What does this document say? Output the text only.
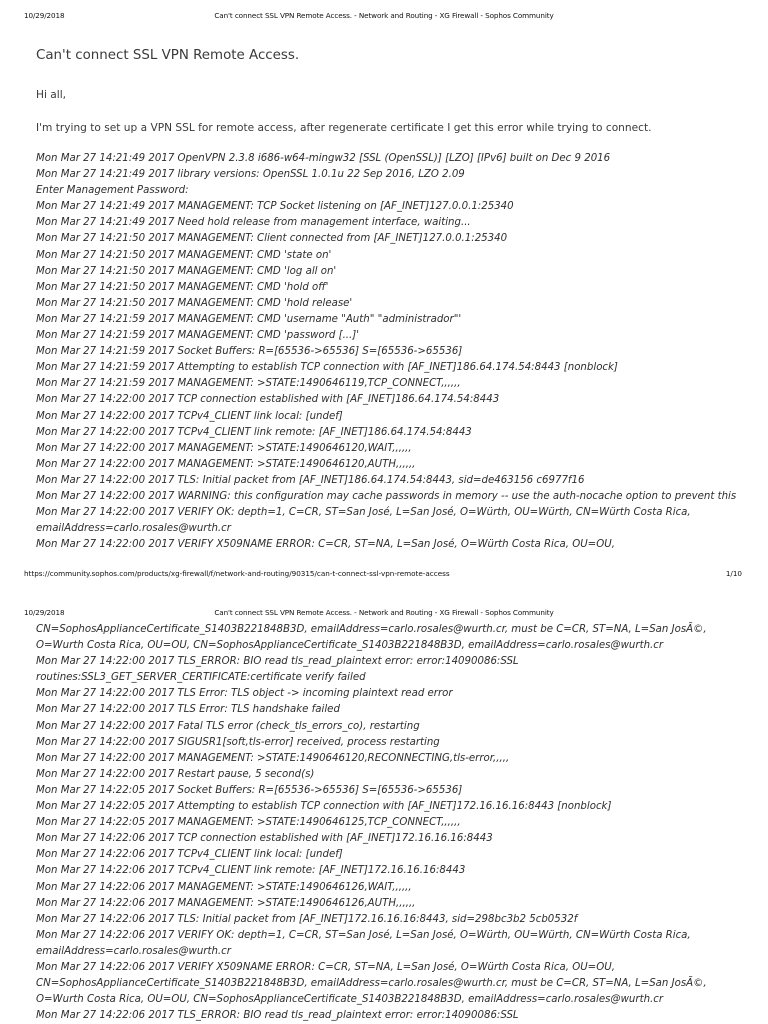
10/29/2018	Can't connect SSL VPN Remote Access. - Network and Routing - XG Firewall - Sophos Community
Can't connect SSL VPN Remote Access.

Hi all,

I'm trying to set up a VPN SSL for remote access, after regenerate certificate I get this error while trying to connect.

Mon Mar 27 14:21:49 2017 OpenVPN 2.3.8 i686-w64-mingw32 [SSL (OpenSSL)] [LZO] [IPv6] built on Dec 9 2016
Mon Mar 27 14:21:49 2017 library versions: OpenSSL 1.0.1u 22 Sep 2016, LZO 2.09
Enter Management Password:
Mon Mar 27 14:21:49 2017 MANAGEMENT: TCP Socket listening on [AF_INET]127.0.0.1:25340
Mon Mar 27 14:21:49 2017 Need hold release from management interface, waiting...
Mon Mar 27 14:21:50 2017 MANAGEMENT: Client connected from [AF_INET]127.0.0.1:25340
Mon Mar 27 14:21:50 2017 MANAGEMENT: CMD 'state on'
Mon Mar 27 14:21:50 2017 MANAGEMENT: CMD 'log all on'
Mon Mar 27 14:21:50 2017 MANAGEMENT: CMD 'hold off'
Mon Mar 27 14:21:50 2017 MANAGEMENT: CMD 'hold release'
Mon Mar 27 14:21:59 2017 MANAGEMENT: CMD 'username "Auth" "administrador"'
Mon Mar 27 14:21:59 2017 MANAGEMENT: CMD 'password [...]'
Mon Mar 27 14:21:59 2017 Socket Buffers: R=[65536->65536] S=[65536->65536]
Mon Mar 27 14:21:59 2017 Attempting to establish TCP connection with [AF_INET]186.64.174.54:8443 [nonblock]
Mon Mar 27 14:21:59 2017 MANAGEMENT: >STATE:1490646119,TCP_CONNECT,,,,,,
Mon Mar 27 14:22:00 2017 TCP connection established with [AF_INET]186.64.174.54:8443
Mon Mar 27 14:22:00 2017 TCPv4_CLIENT link local: [undef]
Mon Mar 27 14:22:00 2017 TCPv4_CLIENT link remote: [AF_INET]186.64.174.54:8443
Mon Mar 27 14:22:00 2017 MANAGEMENT: >STATE:1490646120,WAIT,,,,,,
Mon Mar 27 14:22:00 2017 MANAGEMENT: >STATE:1490646120,AUTH,,,,,,
Mon Mar 27 14:22:00 2017 TLS: Initial packet from [AF_INET]186.64.174.54:8443, sid=de463156 c6977f16
Mon Mar 27 14:22:00 2017 WARNING: this configuration may cache passwords in memory -- use the auth-nocache option to prevent this
Mon Mar 27 14:22:00 2017 VERIFY OK: depth=1, C=CR, ST=San José, L=San José, O=Würth, OU=Würth, CN=Würth Costa Rica,
emailAddress=carlo.rosales@wurth.cr
Mon Mar 27 14:22:00 2017 VERIFY X509NAME ERROR: C=CR, ST=NA, L=San José, O=Würth Costa Rica, OU=OU,
https://community.sophos.com/products/xg-firewall/f/network-and-routing/90315/can-t-connect-ssl-vpn-remote-access	1/10
10/29/2018	Can't connect SSL VPN Remote Access. - Network and Routing - XG Firewall - Sophos Community
CN=SophosApplianceCertificate_S1403B221848B3D, emailAddress=carlo.rosales@wurth.cr, must be C=CR, ST=NA, L=San JosÃ©,
O=Wurth Costa Rica, OU=OU, CN=SophosApplianceCertificate_S1403B221848B3D, emailAddress=carlo.rosales@wurth.cr
Mon Mar 27 14:22:00 2017 TLS_ERROR: BIO read tls_read_plaintext error: error:14090086:SSL
routines:SSL3_GET_SERVER_CERTIFICATE:certificate verify failed
Mon Mar 27 14:22:00 2017 TLS Error: TLS object -> incoming plaintext read error
Mon Mar 27 14:22:00 2017 TLS Error: TLS handshake failed
Mon Mar 27 14:22:00 2017 Fatal TLS error (check_tls_errors_co), restarting
Mon Mar 27 14:22:00 2017 SIGUSR1[soft,tls-error] received, process restarting
Mon Mar 27 14:22:00 2017 MANAGEMENT: >STATE:1490646120,RECONNECTING,tls-error,,,,,
Mon Mar 27 14:22:00 2017 Restart pause, 5 second(s)
Mon Mar 27 14:22:05 2017 Socket Buffers: R=[65536->65536] S=[65536->65536]
Mon Mar 27 14:22:05 2017 Attempting to establish TCP connection with [AF_INET]172.16.16.16:8443 [nonblock]
Mon Mar 27 14:22:05 2017 MANAGEMENT: >STATE:1490646125,TCP_CONNECT,,,,,,
Mon Mar 27 14:22:06 2017 TCP connection established with [AF_INET]172.16.16.16:8443
Mon Mar 27 14:22:06 2017 TCPv4_CLIENT link local: [undef]
Mon Mar 27 14:22:06 2017 TCPv4_CLIENT link remote: [AF_INET]172.16.16.16:8443
Mon Mar 27 14:22:06 2017 MANAGEMENT: >STATE:1490646126,WAIT,,,,,,
Mon Mar 27 14:22:06 2017 MANAGEMENT: >STATE:1490646126,AUTH,,,,,,
Mon Mar 27 14:22:06 2017 TLS: Initial packet from [AF_INET]172.16.16.16:8443, sid=298bc3b2 5cb0532f
Mon Mar 27 14:22:06 2017 VERIFY OK: depth=1, C=CR, ST=San José, L=San José, O=Würth, OU=Würth, CN=Würth Costa Rica,
emailAddress=carlo.rosales@wurth.cr
Mon Mar 27 14:22:06 2017 VERIFY X509NAME ERROR: C=CR, ST=NA, L=San José, O=Würth Costa Rica, OU=OU,
CN=SophosApplianceCertificate_S1403B221848B3D, emailAddress=carlo.rosales@wurth.cr, must be C=CR, ST=NA, L=San JosÃ©,
O=Wurth Costa Rica, OU=OU, CN=SophosApplianceCertificate_S1403B221848B3D, emailAddress=carlo.rosales@wurth.cr
Mon Mar 27 14:22:06 2017 TLS_ERROR: BIO read tls_read_plaintext error: error:14090086:SSL
